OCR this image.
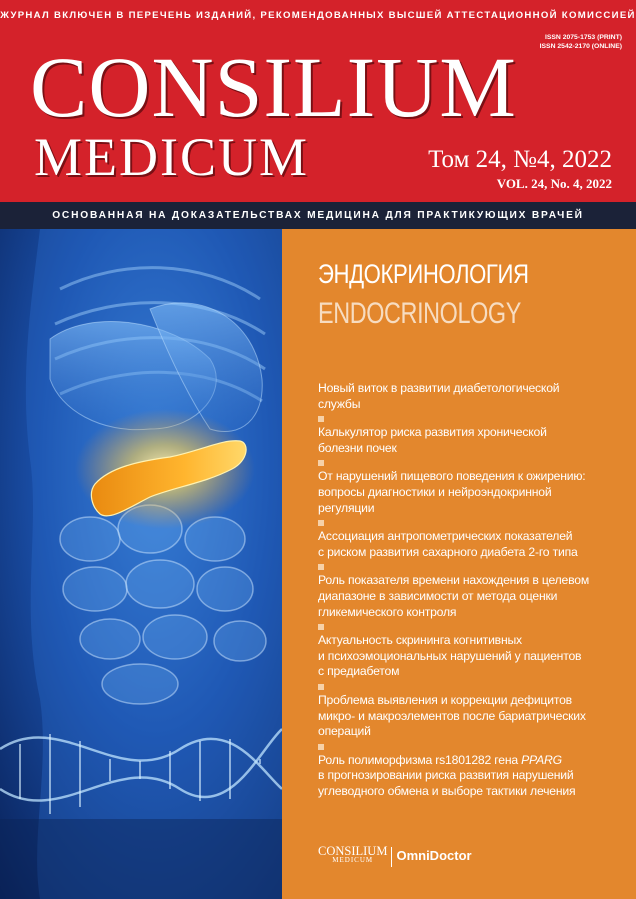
ЖУРНАЛ ВКЛЮЧЕН В ПЕРЕЧЕНЬ ИЗДАНИЙ, РЕКОМЕНДОВАННЫХ ВЫСШЕЙ АТТЕСТАЦИОННОЙ КОМИССИЕЙ
ISSN 2075-1753 (PRINT)
ISSN 2542-2170 (ONLINE)
CONSILIUM
MEDICUM	Том 24, №4, 2022
VOL. 24, No. 4, 2022
ОСНОВАННАЯ НА ДОКАЗАТЕЛЬСТВАХ МЕДИЦИНА ДЛЯ ПРАКТИКУЮЩИХ ВРАЧЕЙ
ЭНДОКРИНОЛОГИЯ
ENDOCRINOLOGY
Новый виток в развитии диабетологической
службы
Калькулятор риска развития хронической
болезни почек
От нарушений пищевого поведения к ожирению:
вопросы диагностики и нейроэндокринной
регуляции
Ассоциация антропометрических показателей
с риском развития сахарного диабета 2-го типа
Роль показателя времени нахождения в целевом
диапазоне в зависимости от метода оценки
гликемического контроля
Актуальность скрининга когнитивных
и психоэмоциональных нарушений у пациентов
с предиабетом
Проблема выявления и коррекции дефицитов
микро- и макроэлементов после бариатрических
операций
Роль полиморфизма rs1801282 гена PPARG
в прогнозировании риска развития нарушений
углеводного обмена и выборе тактики лечения
CONSILIUM
MEDICUM	OmniDoctor
